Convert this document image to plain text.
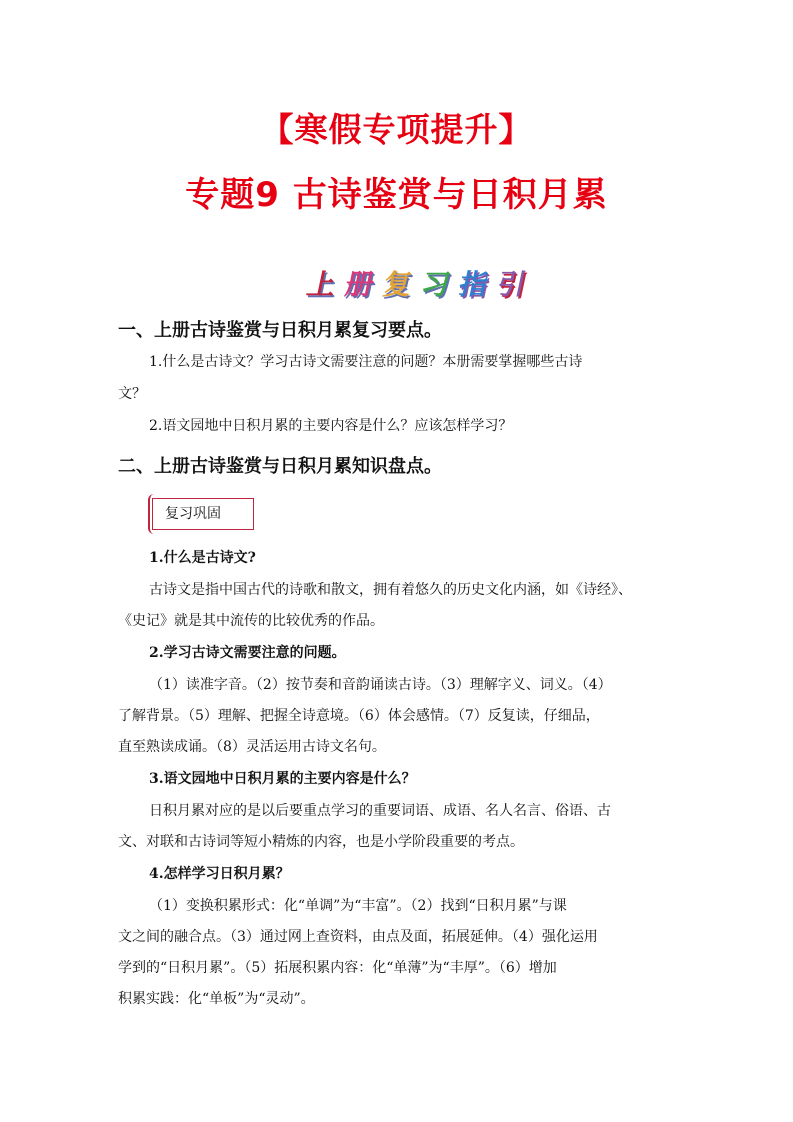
【寒假专项提升】
专题9 古诗鉴赏与日积月累
上
册
复
习
指
引
一、上册古诗鉴赏与日积月累复习要点。
1.什么是古诗文？学习古诗文需要注意的问题？本册需要掌握哪些古诗
文？
2.语文园地中日积月累的主要内容是什么？应该怎样学习？
二、上册古诗鉴赏与日积月累知识盘点。
复习巩固
1.什么是古诗文?
古诗文是指中国古代的诗歌和散文，拥有着悠久的历史文化内涵，如《诗经》、
《史记》就是其中流传的比较优秀的作品。
2.学习古诗文需要注意的问题。
（1）读准字音。（2）按节奏和音韵诵读古诗。（3）理解字义、词义。（4）
了解背景。（5）理解、把握全诗意境。（6）体会感情。（7）反复读，仔细品，
直至熟读成诵。（8）灵活运用古诗文名句。
3.语文园地中日积月累的主要内容是什么？
日积月累对应的是以后要重点学习的重要词语、成语、名人名言、俗语、古
文、对联和古诗词等短小精炼的内容，也是小学阶段重要的考点。
4.怎样学习日积月累？
（1）变换积累形式：化“单调”为“丰富”。（2）找到“日积月累”与课
文之间的融合点。（3）通过网上查资料，由点及面，拓展延伸。（4）强化运用
学到的“日积月累”。（5）拓展积累内容：化“单薄”为“丰厚”。（6）增加
积累实践：化“单板”为“灵动”。
